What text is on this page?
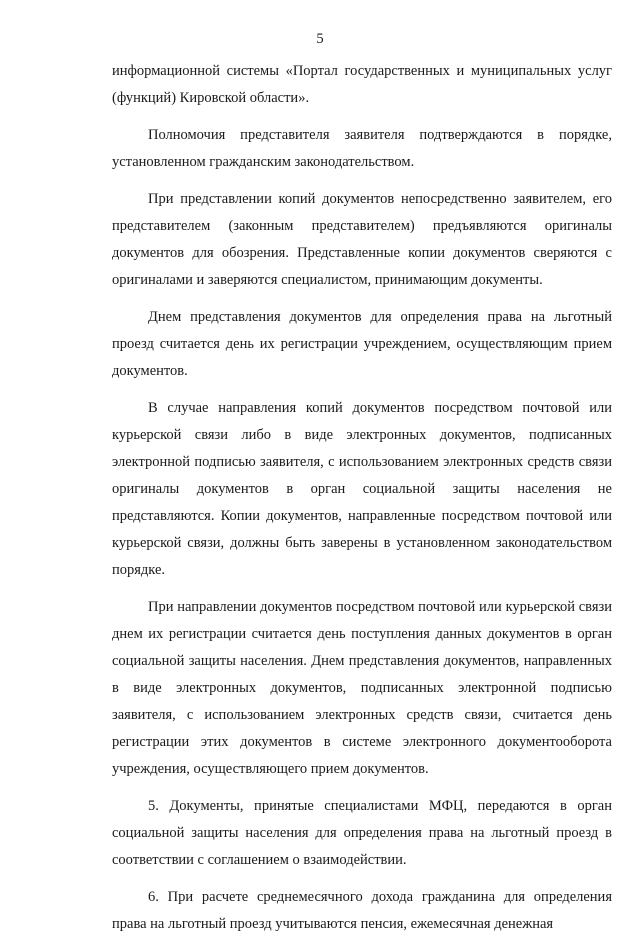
5

информационной системы «Портал государственных и муниципальных услуг (функций) Кировской области».

Полномочия представителя заявителя подтверждаются в порядке, установленном гражданским законодательством.

При представлении копий документов непосредственно заявителем, его представителем (законным представителем) предъявляются оригиналы документов для обозрения. Представленные копии документов сверяются с оригиналами и заверяются специалистом, принимающим документы.

Днем представления документов для определения права на льготный проезд считается день их регистрации учреждением, осуществляющим прием документов.

В случае направления копий документов посредством почтовой или курьерской связи либо в виде электронных документов, подписанных электронной подписью заявителя, с использованием электронных средств связи оригиналы документов в орган социальной защиты населения не представляются. Копии документов, направленные посредством почтовой или курьерской связи, должны быть заверены в установленном законодательством порядке.

При направлении документов посредством почтовой или курьерской связи днем их регистрации считается день поступления данных документов в орган социальной защиты населения. Днем представления документов, направленных в виде электронных документов, подписанных электронной подписью заявителя, с использованием электронных средств связи, считается день регистрации этих документов в системе электронного документооборота учреждения, осуществляющего прием документов.

5. Документы, принятые специалистами МФЦ, передаются в орган социальной защиты населения для определения права на льготный проезд в соответствии с соглашением о взаимодействии.

6. При расчете среднемесячного дохода гражданина для определения права на льготный проезд учитываются пенсия, ежемесячная денежная
